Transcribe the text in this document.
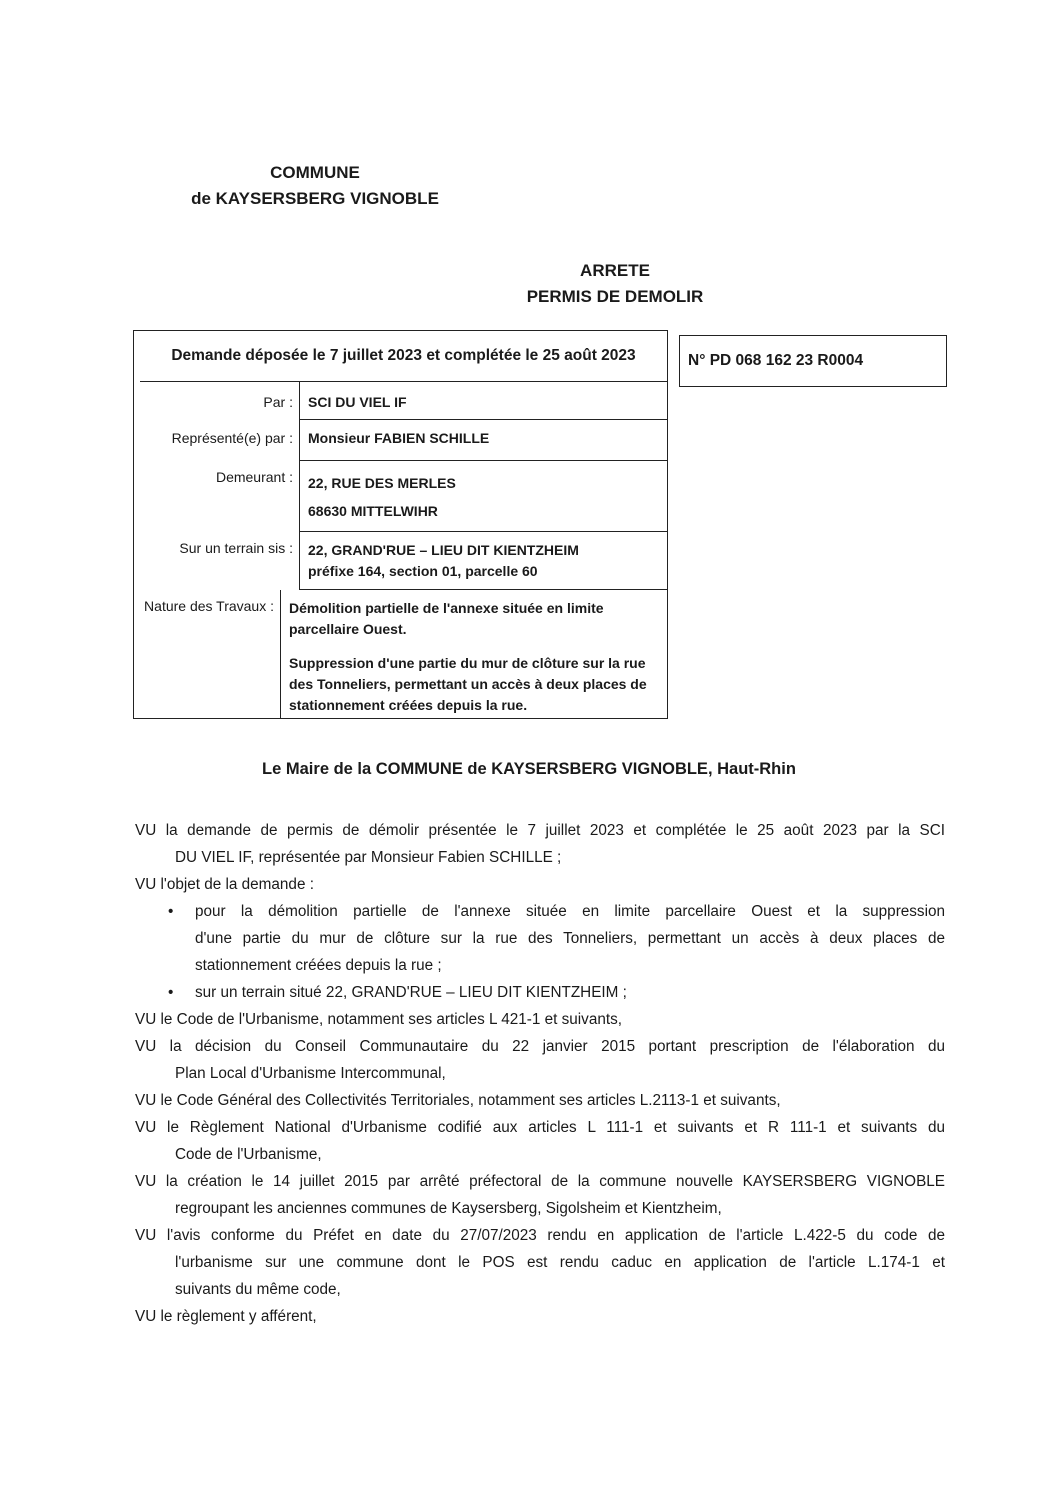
COMMUNE
de KAYSERSBERG VIGNOBLE
ARRETE
PERMIS DE DEMOLIR
Demande déposée le 7 juillet 2023 et complétée le 25 août 2023
Par :	SCI DU VIEL IF
Représenté(e) par :	Monsieur FABIEN SCHILLE
Demeurant :	22, RUE DES MERLES
68630 MITTELWIHR
Sur un terrain sis :	22, GRAND'RUE – LIEU DIT KIENTZHEIM
préfixe 164, section 01, parcelle 60
Nature des Travaux :	Démolition partielle de l'annexe située en limite parcellaire Ouest.
Suppression d'une partie du mur de clôture sur la rue des Tonneliers, permettant un accès à deux places de stationnement créées depuis la rue.
N° PD 068 162 23 R0004
Le Maire de la COMMUNE de KAYSERSBERG VIGNOBLE, Haut-Rhin
VU la demande de permis de démolir présentée le 7 juillet 2023 et complétée le 25 août 2023 par la SCI
DU VIEL IF, représentée par Monsieur Fabien SCHILLE ;
VU l'objet de la demande :
• pour la démolition partielle de l'annexe située en limite parcellaire Ouest et la suppression

d'une partie du mur de clôture sur la rue des Tonneliers, permettant un accès à deux places de

stationnement créées depuis la rue ;

• sur un terrain situé 22, GRAND'RUE – LIEU DIT KIENTZHEIM ;

VU le Code de l'Urbanisme, notamment ses articles L 421-1 et suivants,
VU la décision du Conseil Communautaire du 22 janvier 2015 portant prescription de l'élaboration du
Plan Local d'Urbanisme Intercommunal,
VU le Code Général des Collectivités Territoriales, notamment ses articles L.2113-1 et suivants,
VU le Règlement National d'Urbanisme codifié aux articles L 111-1 et suivants et R 111-1 et suivants du
Code de l'Urbanisme,
VU la création le 14 juillet 2015 par arrêté préfectoral de la commune nouvelle KAYSERSBERG VIGNOBLE
regroupant les anciennes communes de Kaysersberg, Sigolsheim et Kientzheim,
VU l'avis conforme du Préfet en date du 27/07/2023 rendu en application de l'article L.422-5 du code de
l'urbanisme sur une commune dont le POS est rendu caduc en application de l'article L.174-1 et
suivants du même code,
VU le règlement y afférent,
